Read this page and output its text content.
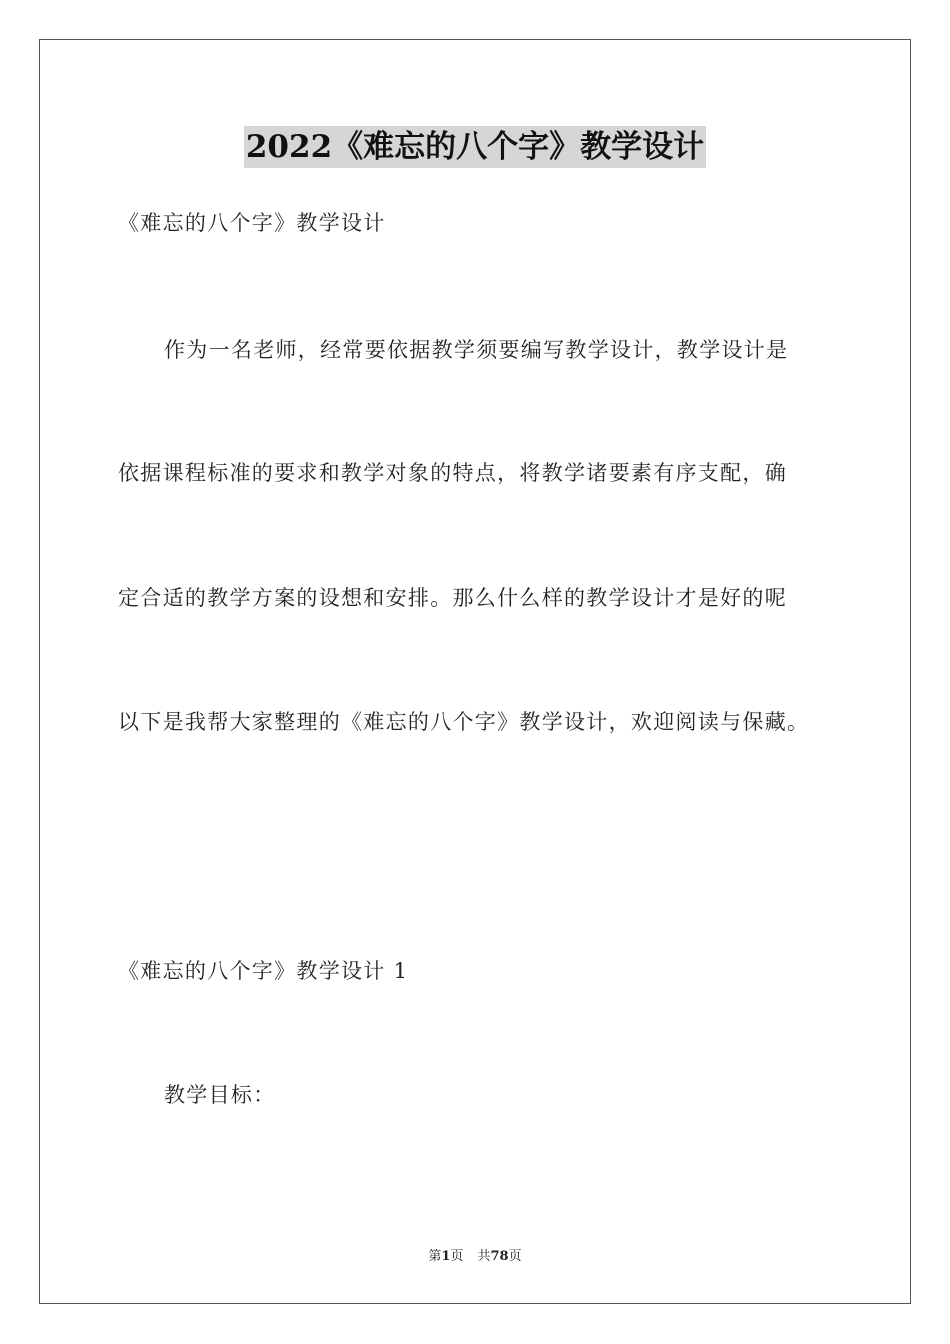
2022《难忘的八个字》教学设计
《难忘的八个字》教学设计
作为一名老师，经常要依据教学须要编写教学设计，教学设计是
依据课程标准的要求和教学对象的特点，将教学诸要素有序支配，确
定合适的教学方案的设想和安排。那么什么样的教学设计才是好的呢
以下是我帮大家整理的《难忘的八个字》教学设计，欢迎阅读与保藏。
《难忘的八个字》教学设计 1
教学目标：
第1页 共78页
